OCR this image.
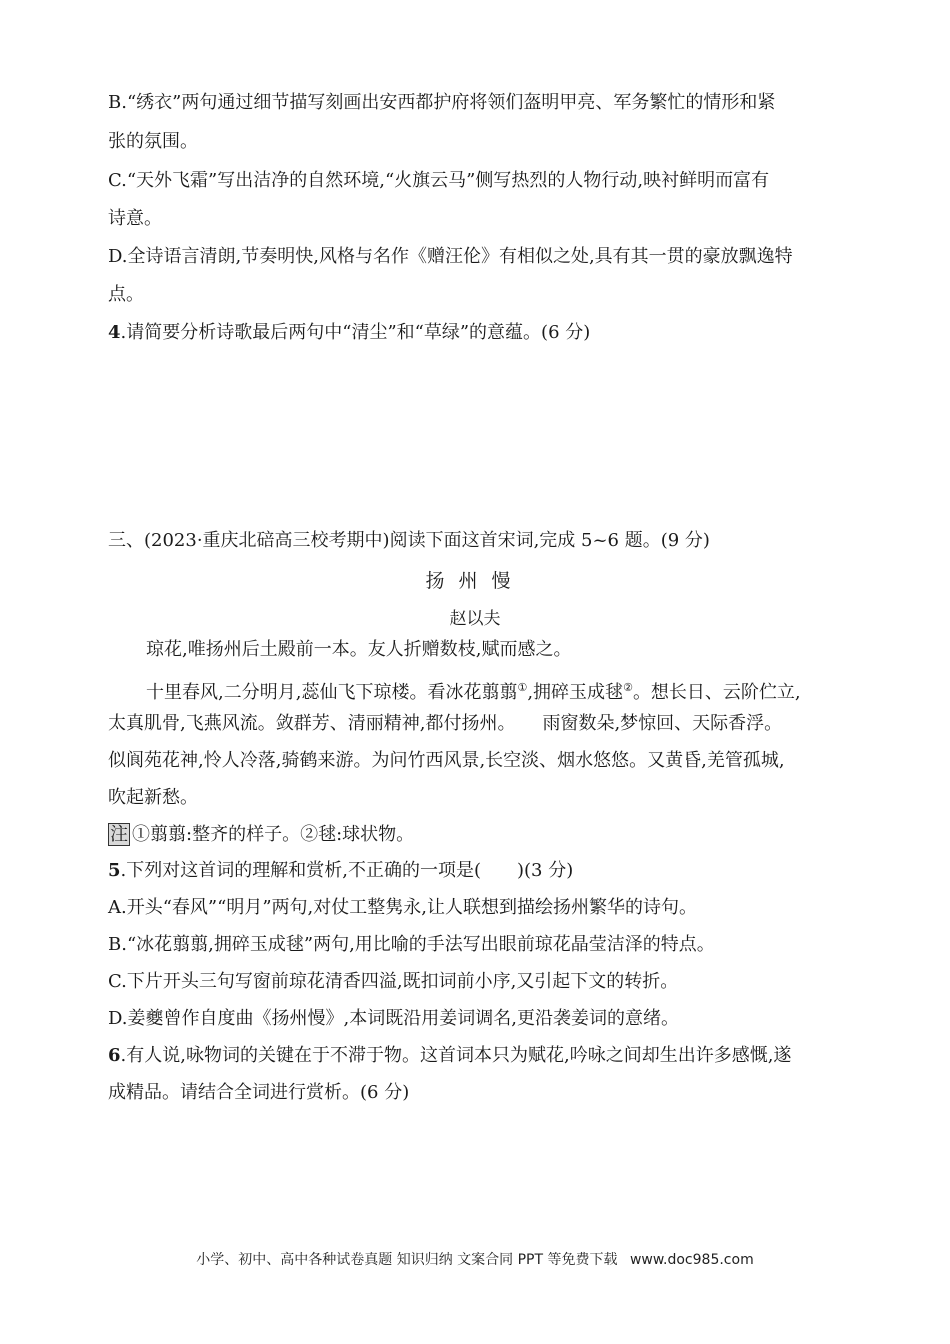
B.“绣衣”两句通过细节描写刻画出安西都护府将领们盔明甲亮、军务繁忙的情形和紧
张的氛围。
C.“天外飞霜”写出洁净的自然环境,“火旗云马”侧写热烈的人物行动,映衬鲜明而富有
诗意。
D.全诗语言清朗,节奏明快,风格与名作《赠汪伦》有相似之处,具有其一贯的豪放飘逸特
点。
4.请简要分析诗歌最后两句中“清尘”和“草绿”的意蕴。(6 分)
三、(2023·重庆北碚高三校考期中)阅读下面这首宋词,完成 5~6 题。(9 分)
扬州慢
赵以夫
琼花,唯扬州后土殿前一本。友人折赠数枝,赋而感之。
十里春风,二分明月,蕊仙飞下琼楼。看冰花翦翦①,拥碎玉成毬②。想长日、云阶伫立,
太真肌骨,飞燕风流。敛群芳、清丽精神,都付扬州。　　雨窗数朵,梦惊回、天际香浮。
似阆苑花神,怜人冷落,骑鹤来游。为问竹西风景,长空淡、烟水悠悠。又黄昏,羌管孤城,
吹起新愁。
注 ①翦翦:整齐的样子。②毬:球状物。
5.下列对这首词的理解和赏析,不正确的一项是(　　)(3 分)
A.开头“春风”“明月”两句,对仗工整隽永,让人联想到描绘扬州繁华的诗句。
B.“冰花翦翦,拥碎玉成毬”两句,用比喻的手法写出眼前琼花晶莹洁泽的特点。
C.下片开头三句写窗前琼花清香四溢,既扣词前小序,又引起下文的转折。
D.姜夔曾作自度曲《扬州慢》,本词既沿用姜词调名,更沿袭姜词的意绪。
6.有人说,咏物词的关键在于不滞于物。这首词本只为赋花,吟咏之间却生出许多感慨,遂
成精品。请结合全词进行赏析。(6 分)
小学、初中、高中各种试卷真题 知识归纳 文案合同 PPT 等免费下载 www.doc985.com
